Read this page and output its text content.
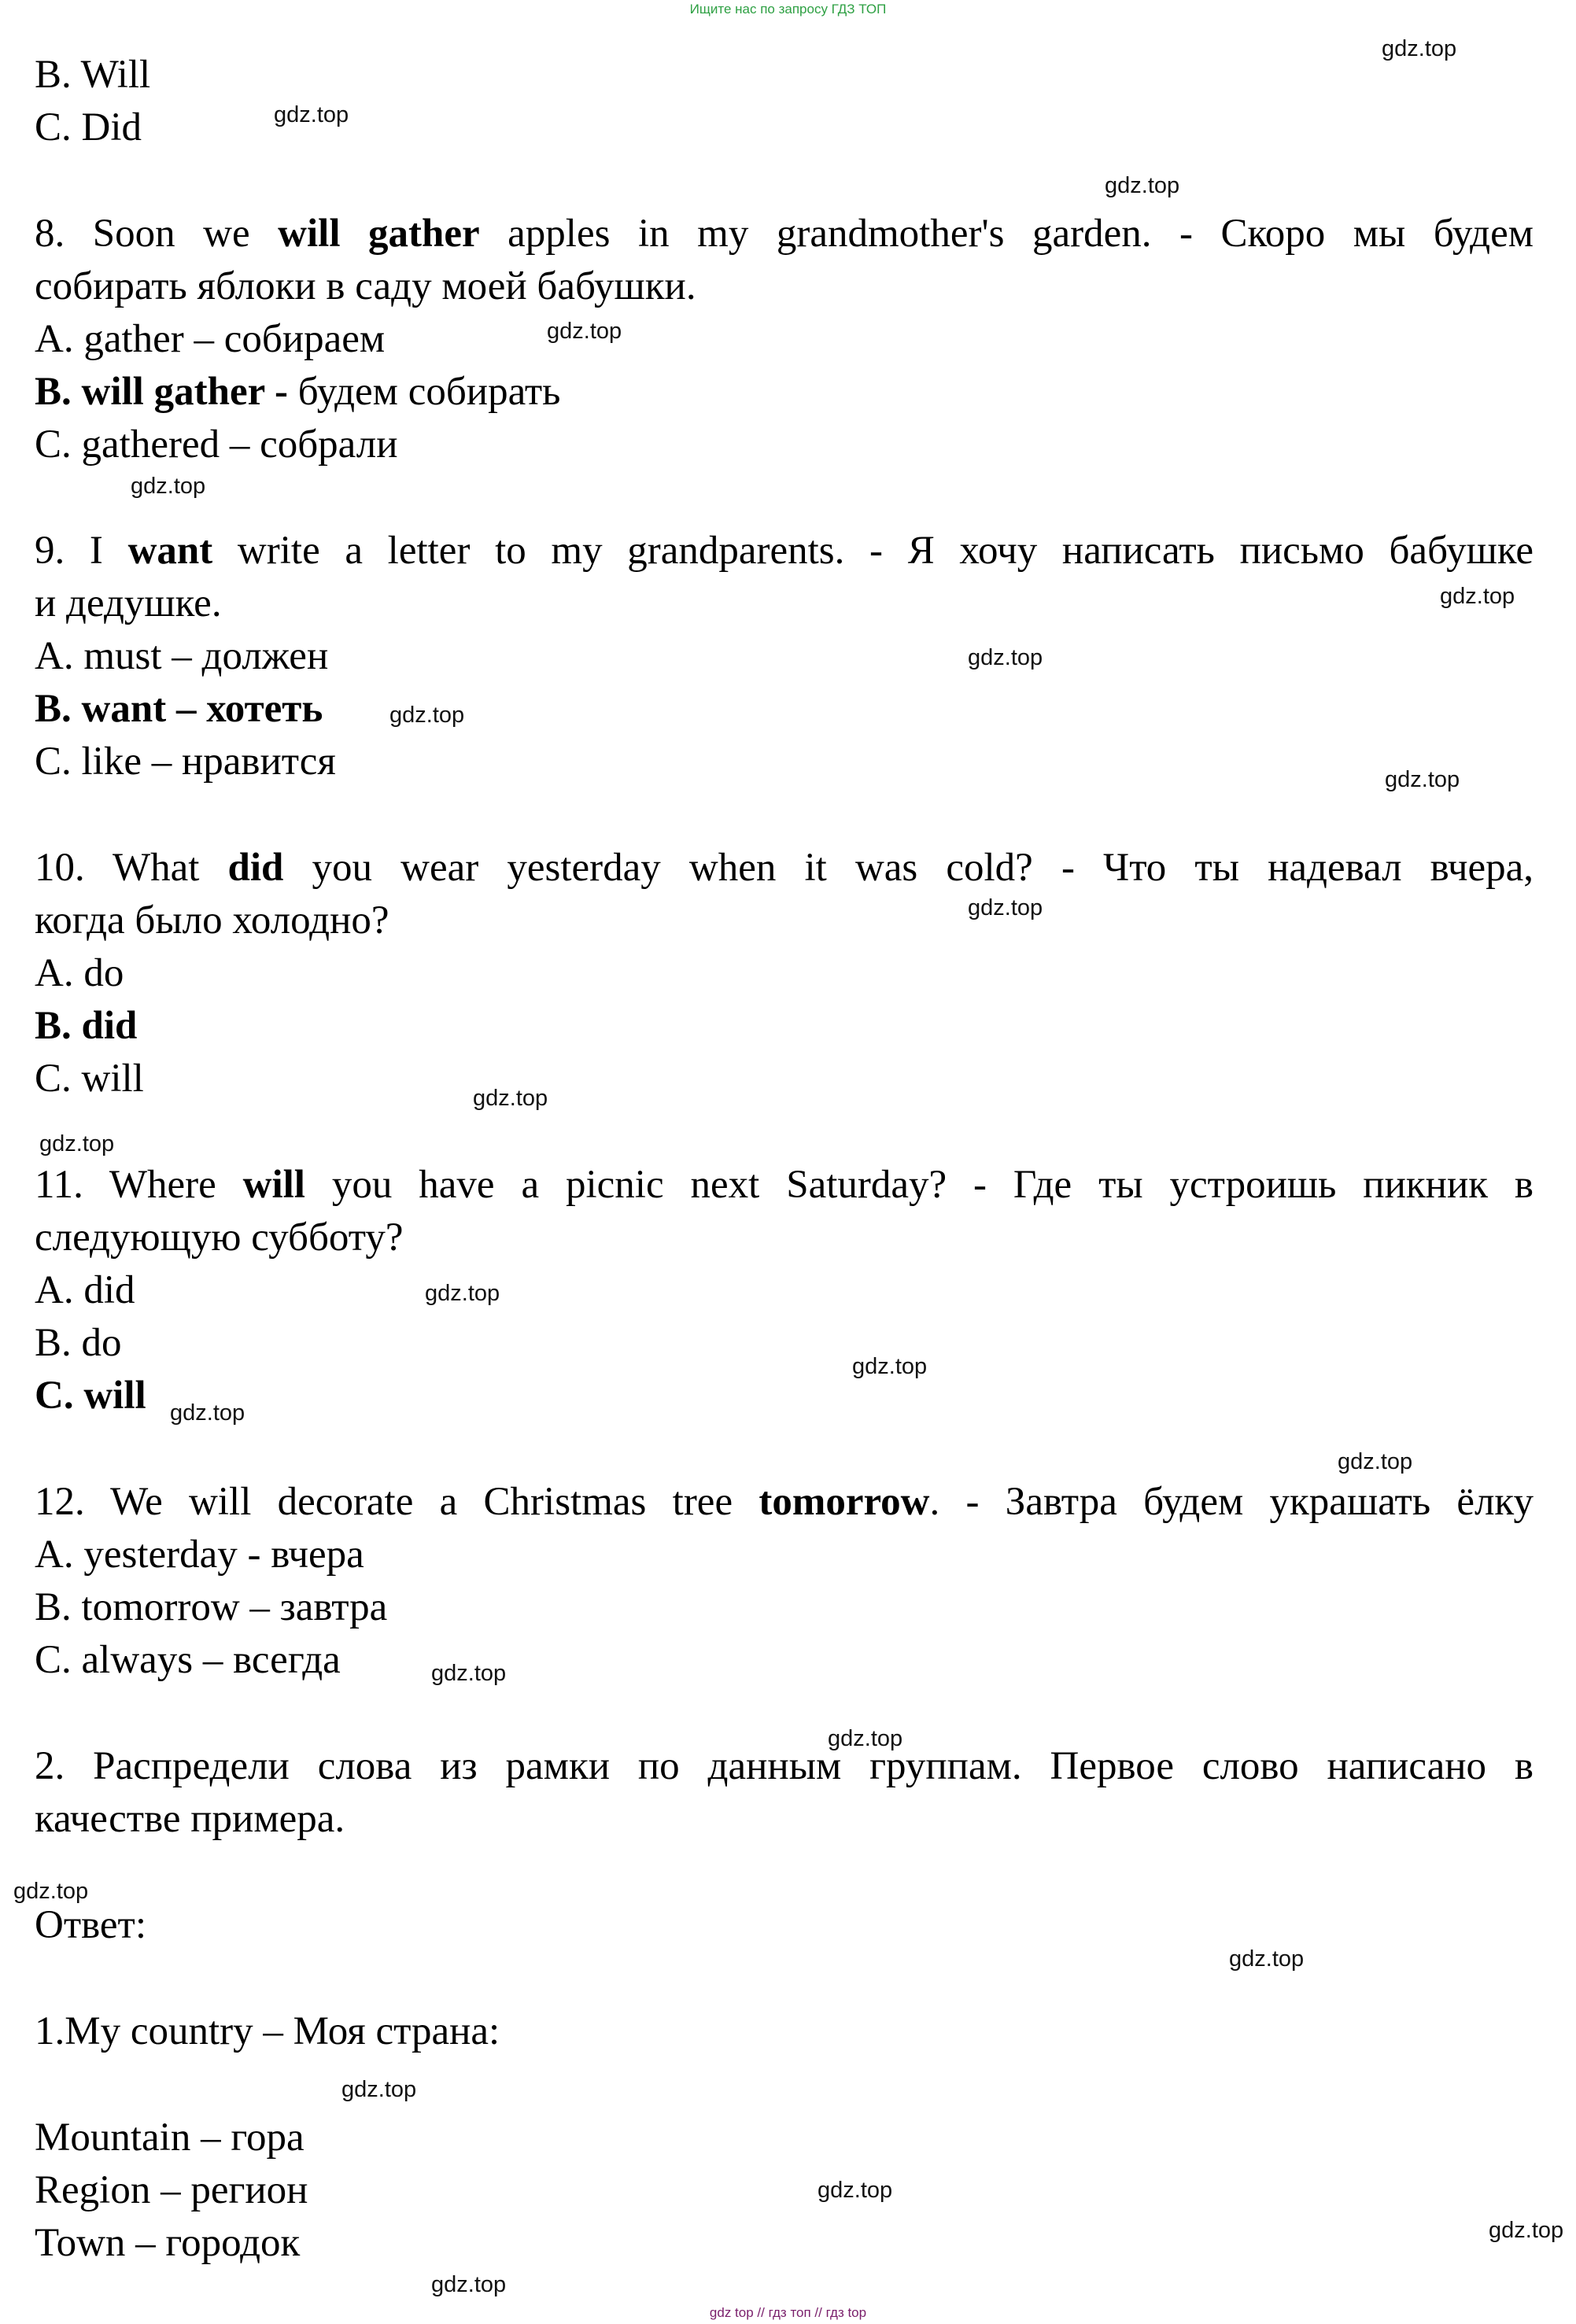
Ищите нас по запросу ГДЗ ТОП

B. Will

C. Did

8. Soon we will gather apples in my grandmother's garden. - Скоро мы будем

собирать яблоки в саду моей бабушки.

A. gather – собираем

B. will gather - будем собирать

C. gathered – собрали

9. I want write a letter to my grandparents. - Я хочу написать письмо бабушке

и дедушке.

A. must – должен

B. want – хотеть

C. like – нравится

10. What did you wear yesterday when it was cold? - Что ты надевал вчера,

когда было холодно?

A. do

B. did

C. will

11. Where will you have a picnic next Saturday? - Где ты устроишь пикник в

следующую субботу?

A. did

B. do

C. will

12. We will decorate a Christmas tree tomorrow. - Завтра будем украшать ёлку

A. yesterday - вчера

B. tomorrow – завтра

C. always – всегда

2. Распредели слова из рамки по данным группам. Первое слово написано в

качестве примера.

Ответ:

1.My country – Моя страна:

Mountain – гора

Region – регион

Town – городок

gdz.top
gdz.top
gdz.top
gdz.top
gdz.top
gdz.top
gdz.top
gdz.top
gdz.top
gdz.top
gdz.top
gdz.top
gdz.top
gdz.top
gdz.top
gdz.top
gdz.top
gdz.top
gdz.top
gdz.top
gdz.top
gdz.top
gdz.top
gdz.top
gdz top // гдз топ // гдз top
